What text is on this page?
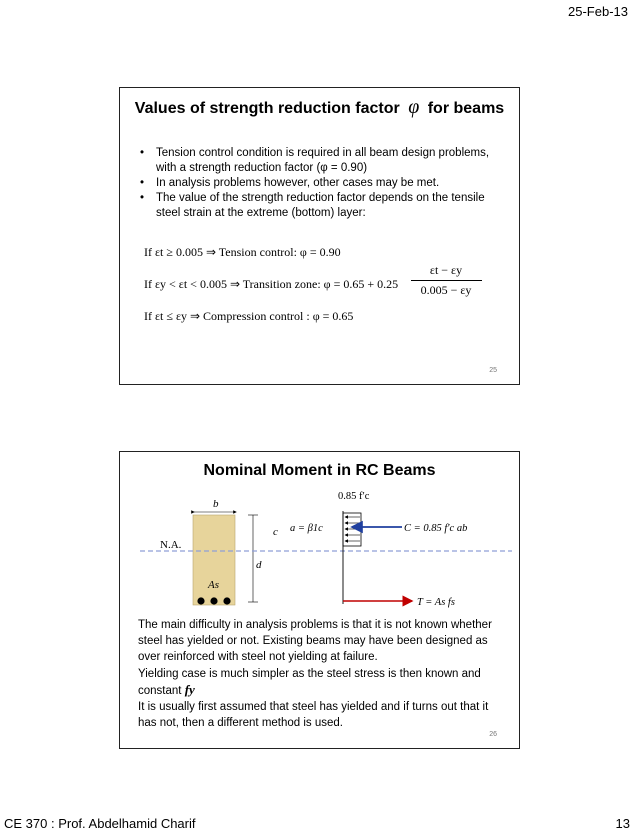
25-Feb-13
Values of strength reduction factor φ for beams
• Tension control condition is required in all beam design problems, with a strength reduction factor (φ = 0.90)
• In analysis problems however, other cases may be met.
• The value of the strength reduction factor depends on the tensile steel strain at the extreme (bottom) layer:
If εt ≥ 0.005 ⇒ Tension control: φ = 0.90
If εy < εt < 0.005 ⇒ Transition zone: φ = 0.65 + 0.25
εt − εy
0.005 − εy
If εt ≤ εy ⇒ Compression control : φ = 0.65
25
Nominal Moment in RC Beams
b
c
d
N.A.
As
0.85 f′c
a = β1c	C = 0.85 f′c ab
T = As fs

The main difficulty in analysis problems is that it is not known whether steel has yielded or not. Existing beams may have been designed as over reinforced with steel not yielding at failure.

Yielding case is much simpler as the steel stress is then known and constant fy

It is usually first assumed that steel has yielded and if turns out that it has not, then a different method is used.

26
CE 370 : Prof. Abdelhamid Charif	13
